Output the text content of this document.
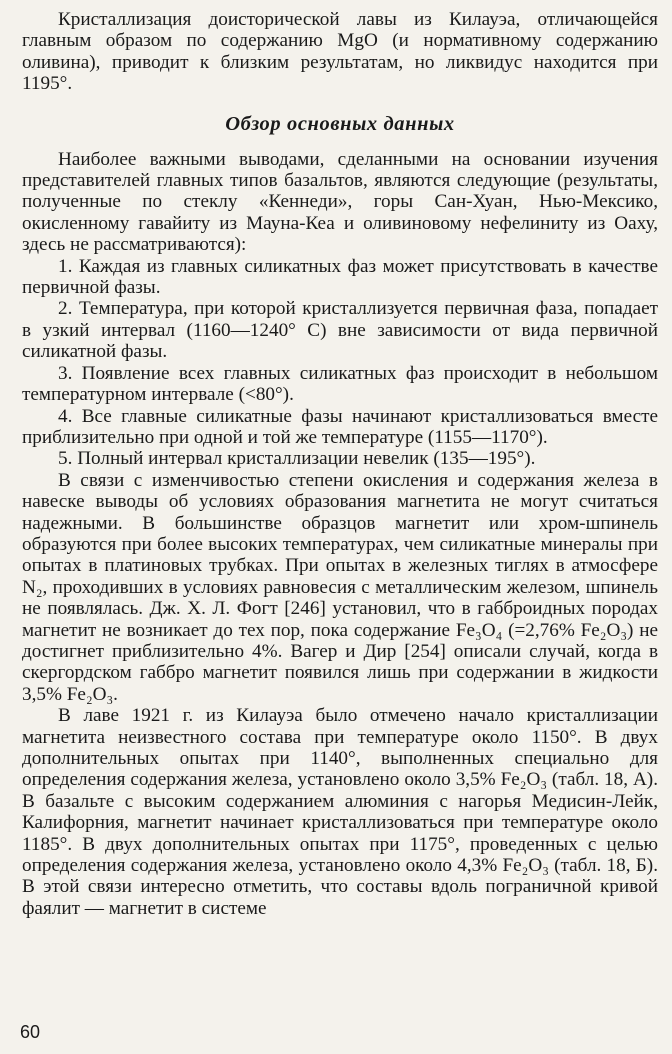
Кристаллизация доисторической лавы из Килауэа, отличающейся главным образом по содержанию MgO (и нормативному содержанию оливина), приводит к близким результатам, но ликвидус находится при 1195°.

Обзор основных данных

Наиболее важными выводами, сделанными на основании изучения представителей главных типов базальтов, являются следующие (результаты, полученные по стеклу «Кеннеди», горы Сан-Хуан, Нью-Мексико, окисленному гавайиту из Мауна-Кеа и оливиновому нефелиниту из Оаху, здесь не рассматриваются):

1. Каждая из главных силикатных фаз может присутствовать в качестве первичной фазы.

2. Температура, при которой кристаллизуется первичная фаза, попадает в узкий интервал (1160—1240° С) вне зависимости от вида первичной силикатной фазы.

3. Появление всех главных силикатных фаз происходит в небольшом температурном интервале (<80°).

4. Все главные силикатные фазы начинают кристаллизоваться вместе приблизительно при одной и той же температуре (1155—1170°).

5. Полный интервал кристаллизации невелик (135—195°).

В связи с изменчивостью степени окисления и содержания железа в навеске выводы об условиях образования магнетита не могут считаться надежными. В большинстве образцов магнетит или хром-шпинель образуются при более высоких температурах, чем силикатные минералы при опытах в платиновых трубках. При опытах в железных тиглях в атмосфере N₂, проходивших в условиях равновесия с металлическим железом, шпинель не появлялась. Дж. Х. Л. Фогт [246] установил, что в габброидных породах магнетит не возникает до тех пор, пока содержание Fe₃O₄ (=2,76% Fe₂O₃) не достигнет приблизительно 4%. Вагер и Дир [254] описали случай, когда в скергордском габбро магнетит появился лишь при содержании в жидкости 3,5% Fe₂O₃.

В лаве 1921 г. из Килауэа было отмечено начало кристаллизации магнетита неизвестного состава при температуре около 1150°. В двух дополнительных опытах при 1140°, выполненных специально для определения содержания железа, установлено около 3,5% Fe₂O₃ (табл. 18, А). В базальте с высоким содержанием алюминия с нагорья Медисин-Лейк, Калифорния, магнетит начинает кристаллизоваться при температуре около 1185°. В двух дополнительных опытах при 1175°, проведенных с целью определения содержания железа, установлено около 4,3% Fe₂O₃ (табл. 18, Б). В этой связи интересно отметить, что составы вдоль пограничной кривой фаялит — магнетит в системе

60
